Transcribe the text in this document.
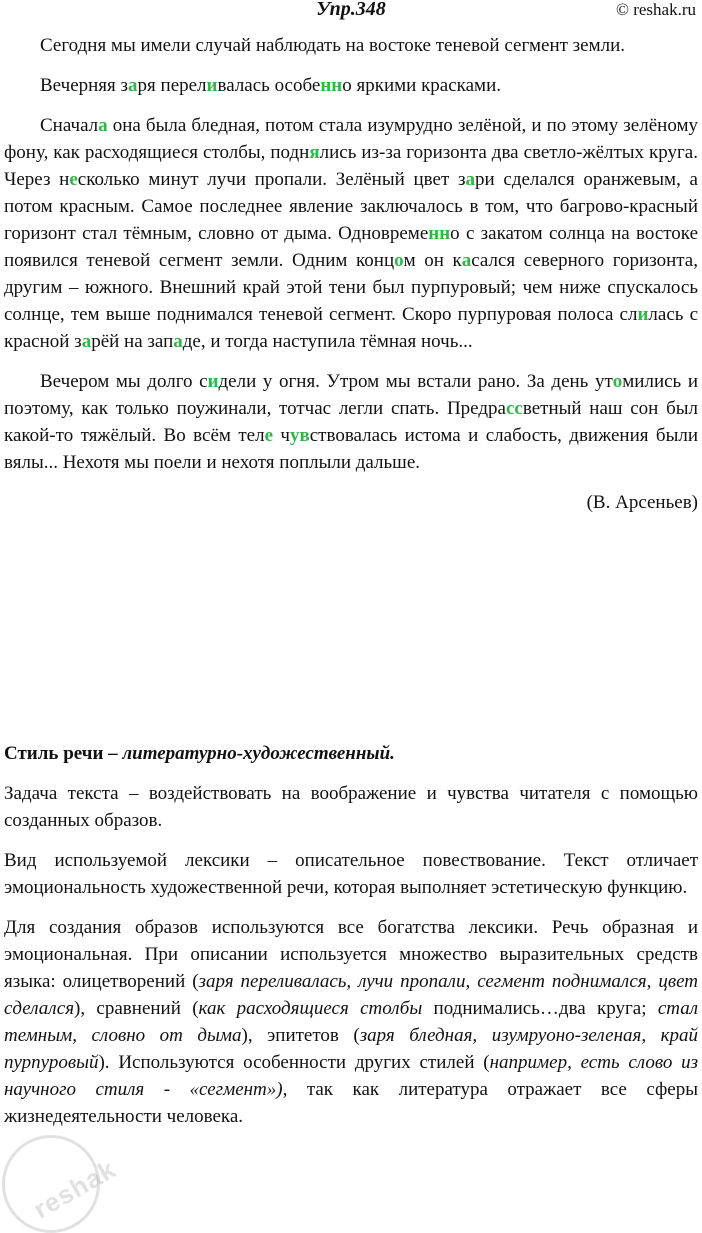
Упр.348	© reshak.ru

Сегодня мы имели случай наблюдать на востоке теневой сегмент земли.

Вечерняя заря переливалась особенно яркими красками.

Сначала она была бледная, потом стала изумрудно зелёной, и по этому зелёному фону, как расходящиеся столбы, поднялись из-за горизонта два светло-жёлтых круга. Через несколько минут лучи пропали. Зелёный цвет зари сделался оранжевым, а потом красным. Самое последнее явление заключалось в том, что багрово-красный горизонт стал тёмным, словно от дыма. Одновременно с закатом солнца на востоке появился теневой сегмент земли. Одним концом он касался северного горизонта, другим – южного. Внешний край этой тени был пурпуровый; чем ниже спускалось солнце, тем выше поднимался теневой сегмент. Скоро пурпуровая полоса слилась с красной зарёй на западе, и тогда наступила тёмная ночь...

Вечером мы долго сидели у огня. Утром мы встали рано. За день утомились и поэтому, как только поужинали, тотчас легли спать. Предрассветный наш сон был какой-то тяжёлый. Во всём теле чувствовалась истома и слабость, движения были вялы... Нехотя мы поели и нехотя поплыли дальше.

(В. Арсеньев)

Стиль речи – литературно-художественный.

Задача текста – воздействовать на воображение и чувства читателя с помощью созданных образов.

Вид используемой лексики – описательное повествование. Текст отличает эмоциональность художественной речи, которая выполняет эстетическую функцию.

Для создания образов используются все богатства лексики. Речь образная и эмоциональная. При описании используется множество выразительных средств языка: олицетворений (заря переливалась, лучи пропали, сегмент поднимался, цвет сделался), сравнений (как расходящиеся столбы поднимались…два круга; стал темным, словно от дыма), эпитетов (заря бледная, изумруоно-зеленая, край пурпуровый). Используются особенности других стилей (например, есть слово из научного стиля - «сегмент»), так как литература отражает все сферы жизнедеятельности человека.

reshak
